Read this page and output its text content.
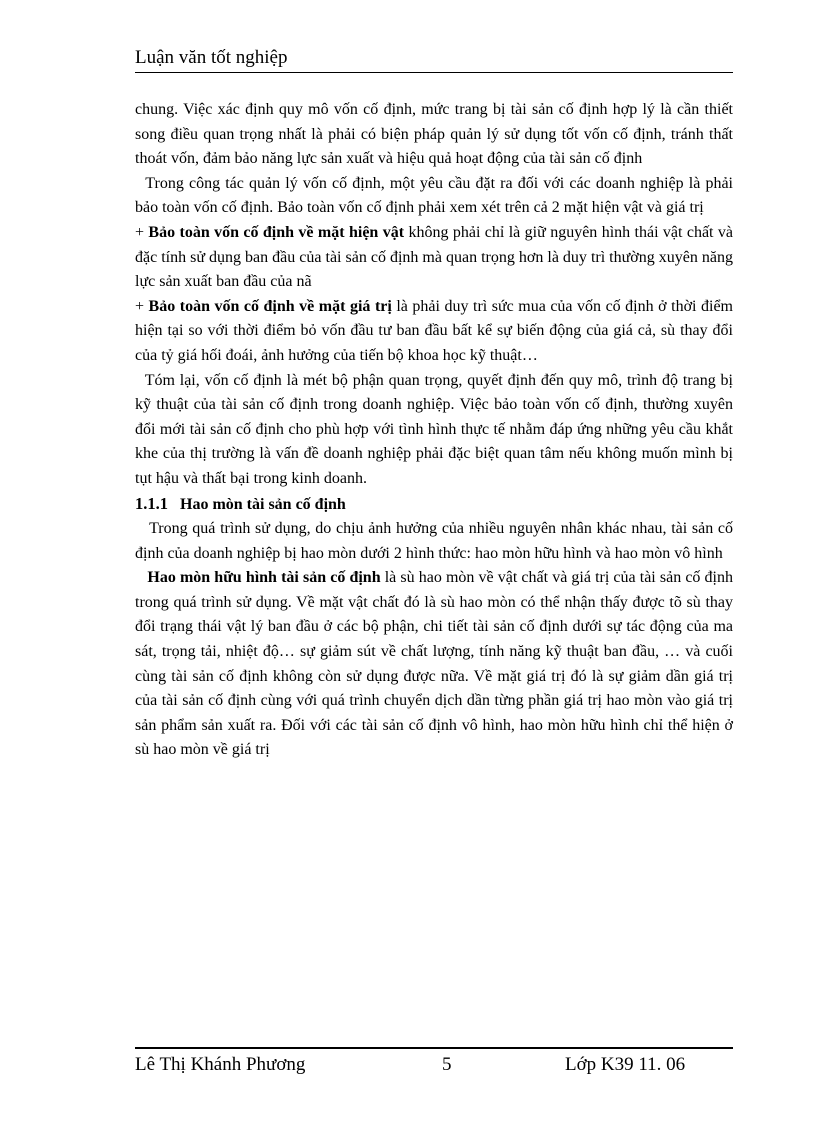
Luận văn tốt nghiệp

chung. Việc xác định quy mô vốn cố định, mức trang bị tài sản cố định hợp lý là cần thiết song điều quan trọng nhất là phải có biện pháp quản lý sử dụng tốt vốn cố định, tránh thất thoát vốn, đảm bảo năng lực sản xuất và hiệu quả hoạt động của tài sản cố định

Trong công tác quản lý vốn cố định, một yêu cầu đặt ra đối với các doanh nghiệp là phải bảo toàn vốn cố định. Bảo toàn vốn cố định phải xem xét trên cả 2 mặt hiện vật và giá trị

+ Bảo toàn vốn cố định về mặt hiện vật không phải chỉ là giữ nguyên hình thái vật chất và đặc tính sử dụng ban đầu của tài sản cố định mà quan trọng hơn là duy trì thường xuyên năng lực sản xuất ban đầu của nã

+ Bảo toàn vốn cố định về mặt giá trị là phải duy trì sức mua của vốn cố định ở thời điểm hiện tại so với thời điểm bỏ vốn đầu tư ban đầu bất kể sự biến động của giá cả, sù thay đổi của tỷ giá hối đoái, ảnh hưởng của tiến bộ khoa học kỹ thuật…

Tóm lại, vốn cố định là mét bộ phận quan trọng, quyết định đến quy mô, trình độ trang bị kỹ thuật của tài sản cố định trong doanh nghiệp. Việc bảo toàn vốn cố định, thường xuyên đổi mới tài sản cố định cho phù hợp với tình hình thực tế nhằm đáp ứng những yêu cầu khắt khe của thị trường là vấn đề doanh nghiệp phải đặc biệt quan tâm nếu không muốn mình bị tụt hậu và thất bại trong kinh doanh.

1.1.1 Hao mòn tài sản cố định

Trong quá trình sử dụng, do chịu ảnh hưởng của nhiều nguyên nhân khác nhau, tài sản cố định của doanh nghiệp bị hao mòn dưới 2 hình thức: hao mòn hữu hình và hao mòn vô hình

Hao mòn hữu hình tài sản cố định là sù hao mòn về vật chất và giá trị của tài sản cố định trong quá trình sử dụng. Về mặt vật chất đó là sù hao mòn có thể nhận thấy được tõ sù thay đổi trạng thái vật lý ban đầu ở các bộ phận, chi tiết tài sản cố định dưới sự tác động của ma sát, trọng tải, nhiệt độ… sự giảm sút về chất lượng, tính năng kỹ thuật ban đầu, … và cuối cùng tài sản cố định không còn sử dụng được nữa. Về mặt giá trị đó là sự giảm dần giá trị của tài sản cố định cùng với quá trình chuyển dịch dần từng phần giá trị hao mòn vào giá trị sản phẩm sản xuất ra. Đối với các tài sản cố định vô hình, hao mòn hữu hình chỉ thể hiện ở sù hao mòn về giá trị

Lê Thị Khánh Phương	5	Lớp K39 11. 06
